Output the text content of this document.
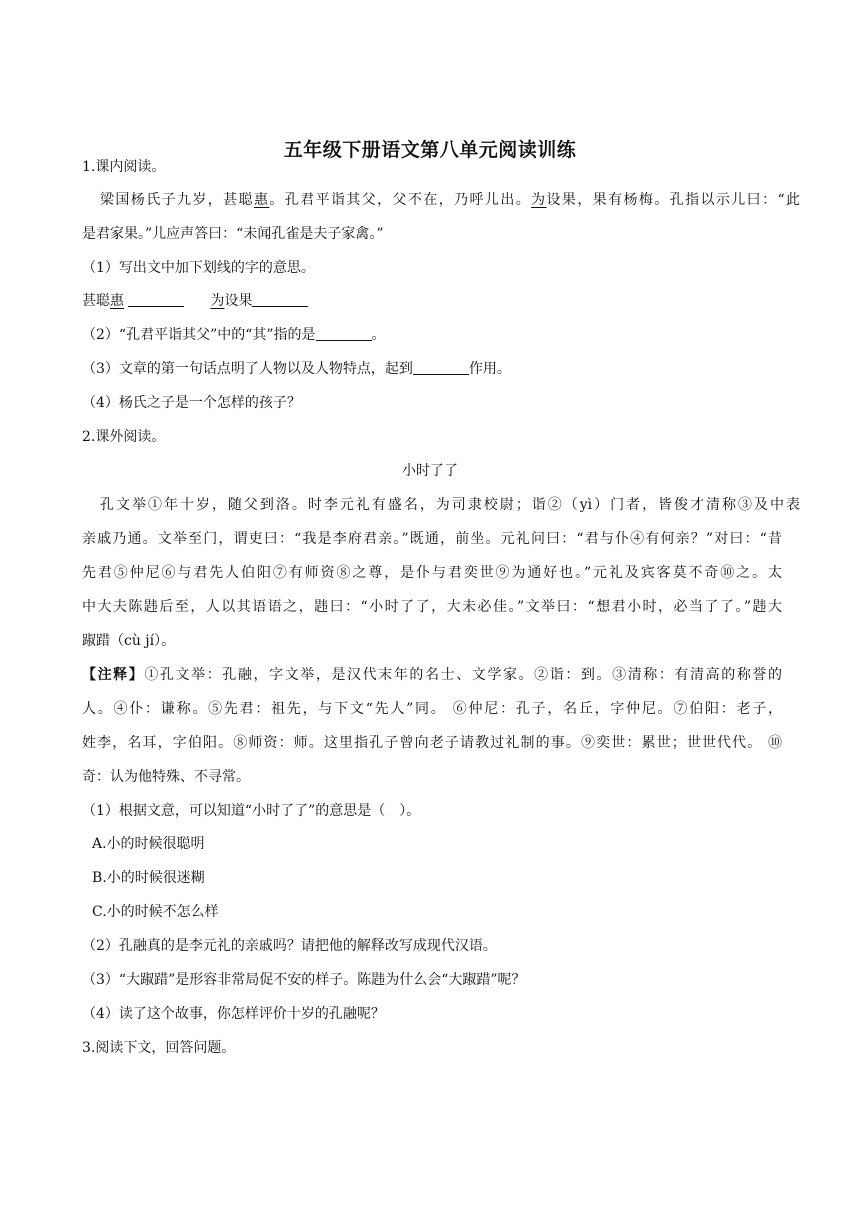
五年级下册语文第八单元阅读训练
1.课内阅读。
梁国杨氏子九岁，甚聪惠。孔君平诣其父，父不在，乃呼儿出。为设果，果有杨梅。孔指以示儿曰：“此
是君家果。”儿应声答曰：“未闻孔雀是夫子家禽。”
（1）写出文中加下划线的字的意思。
甚聪惠	为设果
（2）“孔君平诣其父”中的“其”指的是	。
（3）文章的第一句话点明了人物以及人物特点，起到	作用。
（4）杨氏之子是一个怎样的孩子？
2.课外阅读。
小时了了
孔文举①年十岁，随父到洛。时李元礼有盛名，为司隶校尉；诣②（yì）门者，皆俊才清称③及中表
亲戚乃通。文举至门，谓吏曰：“我是李府君亲。”既通，前坐。元礼问曰：“君与仆④有何亲？”对曰：“昔
先君⑤仲尼⑥与君先人伯阳⑦有师资⑧之尊，是仆与君奕世⑨为通好也。”元礼及宾客莫不奇⑩之。太
中大夫陈韪后至，人以其语语之，韪曰：“小时了了，大未必佳。”文举曰：“想君小时，必当了了。”韪大
踧踖（cù jí）。
【注释】①孔文举：孔融，字文举，是汉代末年的名士、文学家。②诣：到。③清称：有清高的称誉的
人。④仆：谦称。⑤先君：祖先，与下文“先人”同。 ⑥仲尼：孔子，名丘，字仲尼。⑦伯阳：老子，
姓李，名耳，字伯阳。⑧师资：师。这里指孔子曾向老子请教过礼制的事。⑨奕世：累世；世世代代。 ⑩
奇：认为他特殊、不寻常。
（1）根据文意，可以知道“小时了了”的意思是（　）。
A.小的时候很聪明
B.小的时候很迷糊
C.小的时候不怎么样
（2）孔融真的是李元礼的亲戚吗？请把他的解释改写成现代汉语。
（3）“大踧踖”是形容非常局促不安的样子。陈韪为什么会“大踧踖”呢？
（4）读了这个故事，你怎样评价十岁的孔融呢？
3.阅读下文，回答问题。
